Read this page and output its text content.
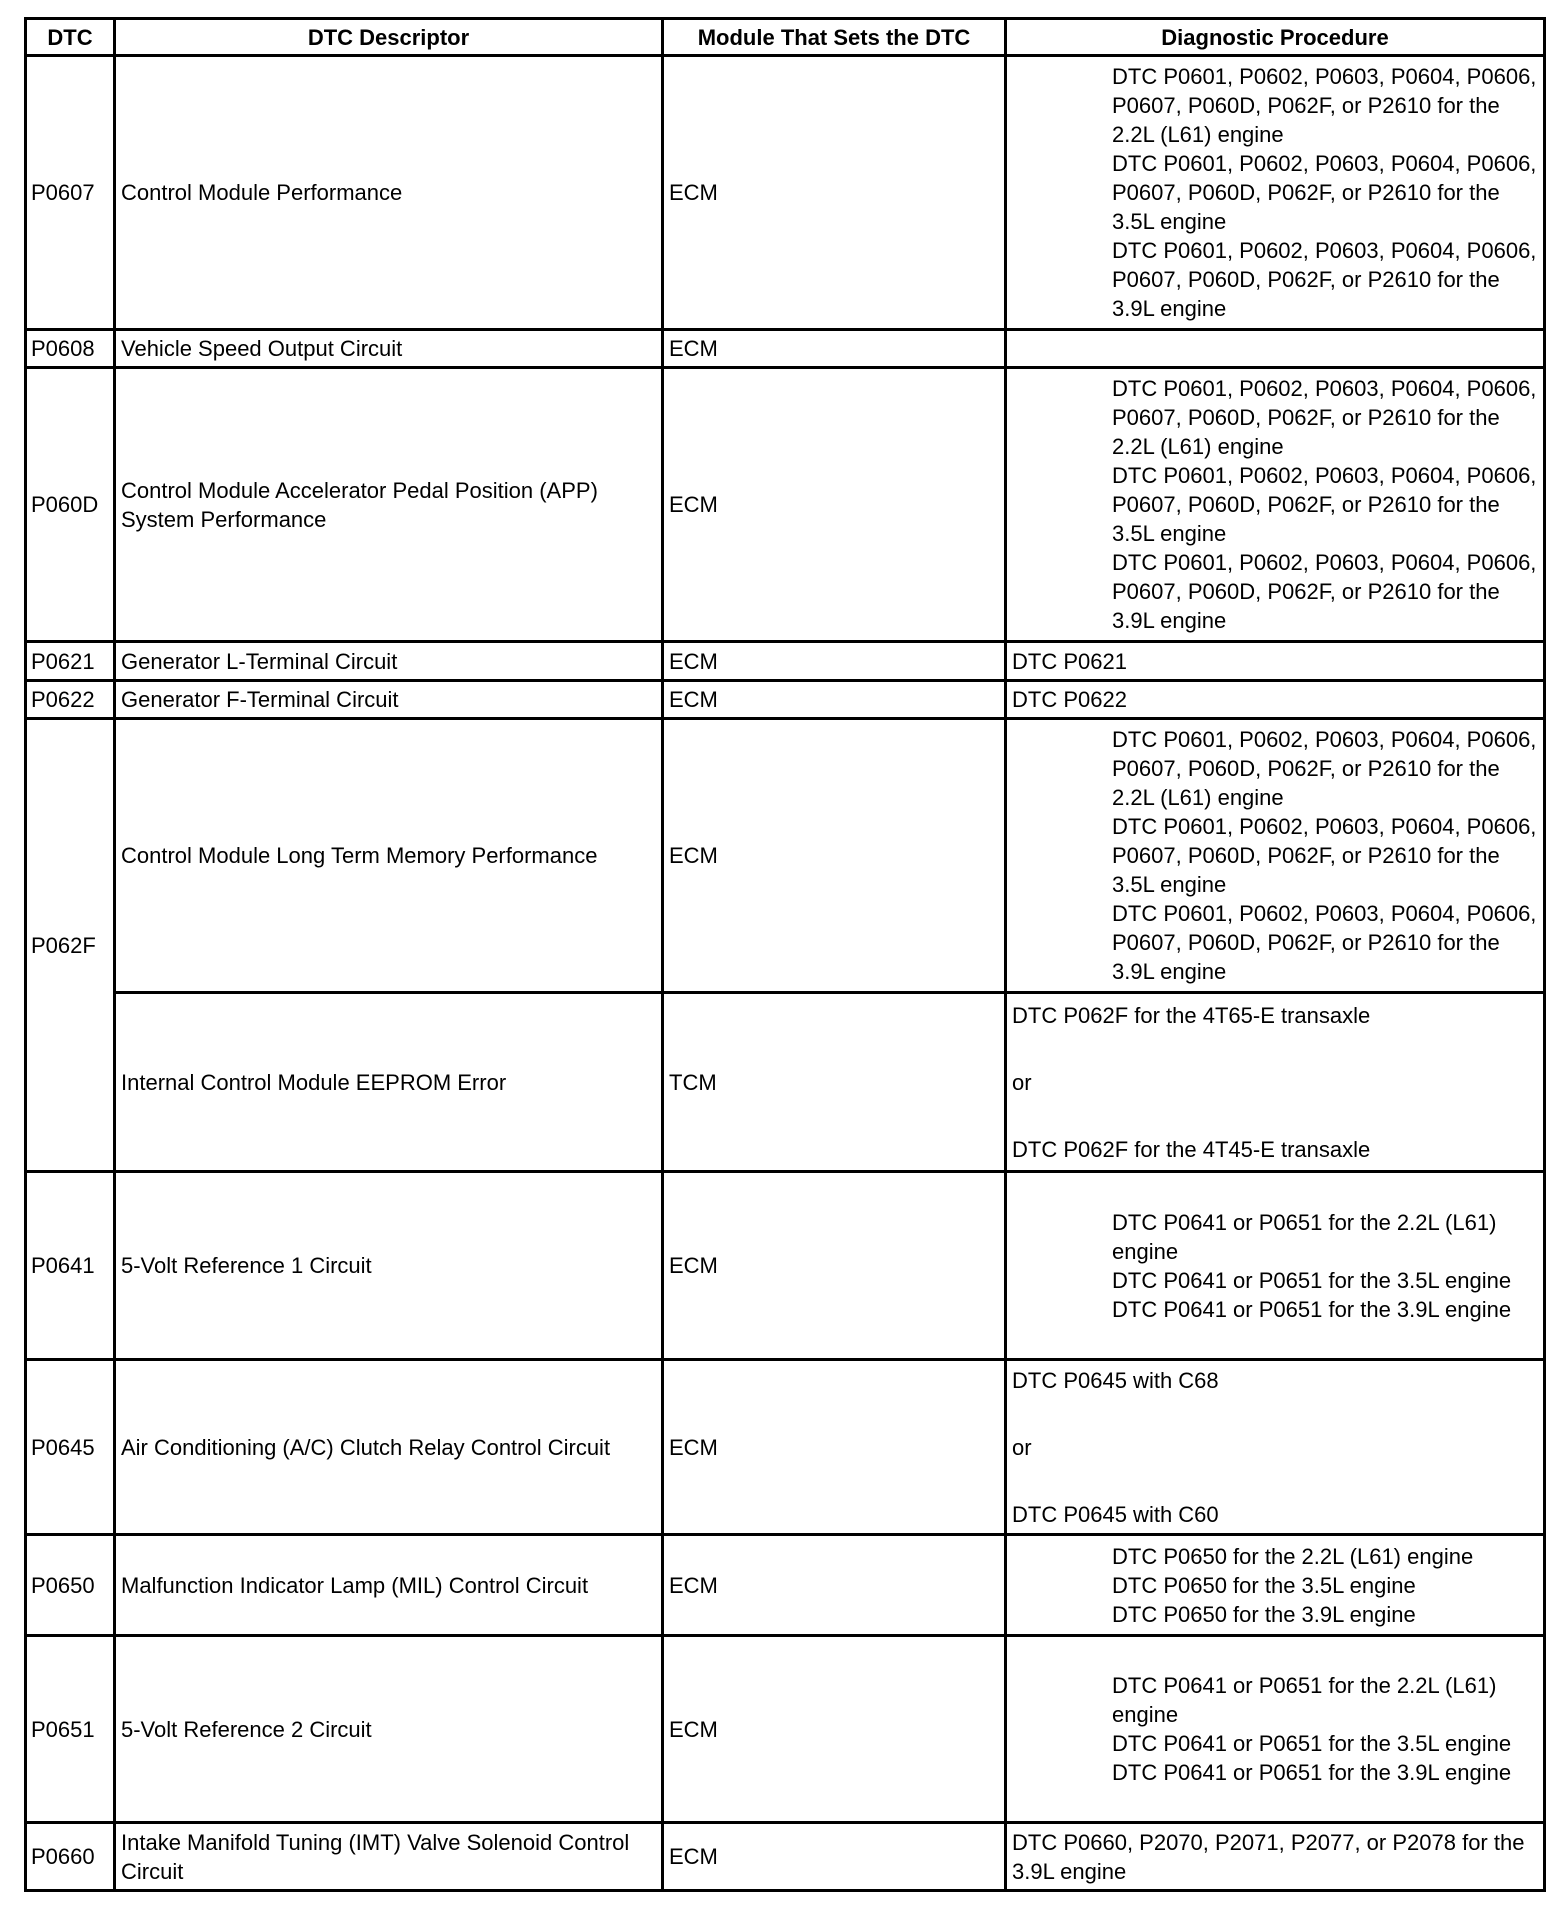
DTC	DTC Descriptor	Module That Sets the DTC	Diagnostic Procedure
P0607	Control Module Performance	ECM	DTC P0601, P0602, P0603, P0604, P0606, P0607, P060D, P062F, or P2610 for the 2.2L (L61) engine
DTC P0601, P0602, P0603, P0604, P0606, P0607, P060D, P062F, or P2610 for the 3.5L engine
DTC P0601, P0602, P0603, P0604, P0606, P0607, P060D, P062F, or P2610 for the 3.9L engine

P0608	Vehicle Speed Output Circuit	ECM	
P060D	Control Module Accelerator Pedal Position (APP) System Performance	ECM	DTC P0601, P0602, P0603, P0604, P0606, P0607, P060D, P062F, or P2610 for the 2.2L (L61) engine
DTC P0601, P0602, P0603, P0604, P0606, P0607, P060D, P062F, or P2610 for the 3.5L engine
DTC P0601, P0602, P0603, P0604, P0606, P0607, P060D, P062F, or P2610 for the 3.9L engine

P0621	Generator L-Terminal Circuit	ECM	DTC P0621

P0622	Generator F-Terminal Circuit	ECM	DTC P0622

P062F	Control Module Long Term Memory Performance	ECM	DTC P0601, P0602, P0603, P0604, P0606, P0607, P060D, P062F, or P2610 for the 2.2L (L61) engine
DTC P0601, P0602, P0603, P0604, P0606, P0607, P060D, P062F, or P2610 for the 3.5L engine
DTC P0601, P0602, P0603, P0604, P0606, P0607, P060D, P062F, or P2610 for the 3.9L engine

	Internal Control Module EEPROM Error	TCM	DTC P062F for the 4T65-E transaxle
or
DTC P062F for the 4T45-E transaxle

P0641	5-Volt Reference 1 Circuit	ECM	DTC P0641 or P0651 for the 2.2L (L61) engine
DTC P0641 or P0651 for the 3.5L engine
DTC P0641 or P0651 for the 3.9L engine

P0645	Air Conditioning (A/C) Clutch Relay Control Circuit	ECM	DTC P0645 with C68
or
DTC P0645 with C60

P0650	Malfunction Indicator Lamp (MIL) Control Circuit	ECM	DTC P0650 for the 2.2L (L61) engine
DTC P0650 for the 3.5L engine
DTC P0650 for the 3.9L engine

P0651	5-Volt Reference 2 Circuit	ECM	DTC P0641 or P0651 for the 2.2L (L61) engine
DTC P0641 or P0651 for the 3.5L engine
DTC P0641 or P0651 for the 3.9L engine

P0660	Intake Manifold Tuning (IMT) Valve Solenoid Control Circuit	ECM	DTC P0660, P2070, P2071, P2077, or P2078 for the 3.9L engine
